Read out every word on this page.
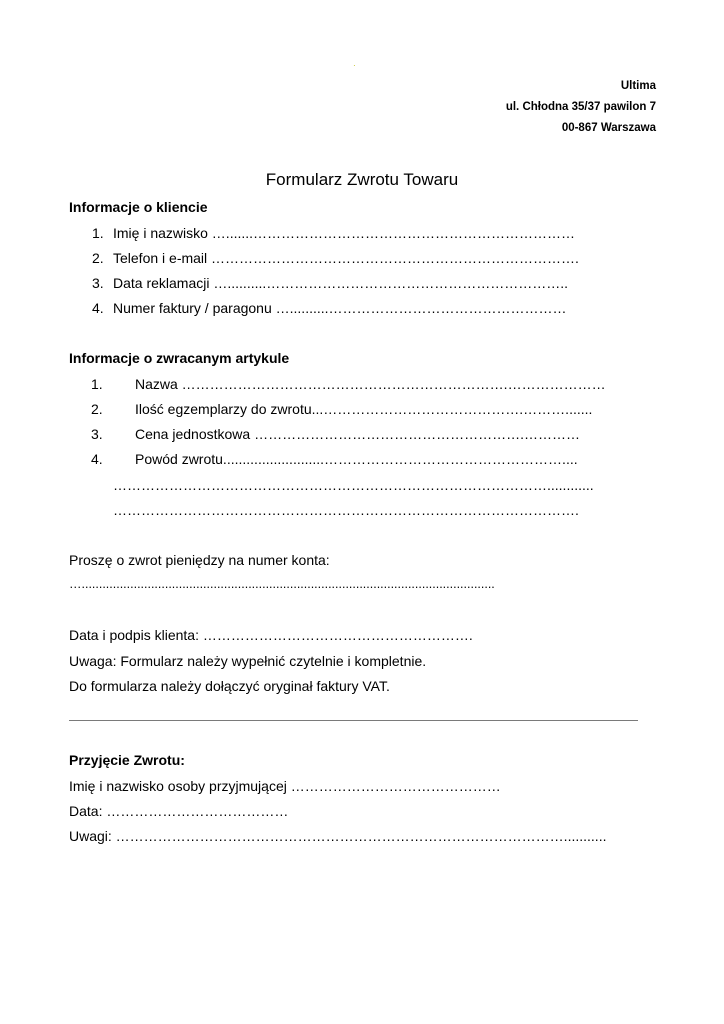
·
Ultima
ul. Chłodna 35/37 pawilon 7
00-867 Warszawa
Formularz Zwrotu Towaru
Informacje o kliencie
1. Imię i nazwisko ….......……………………………………………………………
2. Telefon i e-mail …………………………………………………………………….
3. Data reklamacji …..........………………………………………………………..
4. Numer faktury / paragonu …..........……………………………………………
Informacje o zwracanym artykule
1. Nazwa …………………………………………………………….…………………
2. Ilość egzemplarzy do zwrotu...…………………………………….……….......
3. Cena jednostkowa ………………………………………………….…………
4. Powód zwrotu..........................……………………………………………....
…………………………………………………………………………………............
……………………………………………………………………………………….
Proszę o zwrot pieniędzy na numer konta:
….......................................................................................................................
Data i podpis klienta: ………………………………………………….
Uwaga: Formularz należy wypełnić czytelnie i kompletnie.
Do formularza należy dołączyć oryginał faktury VAT.
Przyjęcie Zwrotu:
Imię i nazwisko osoby przyjmującej ………………………………………
Data: …………………………………
Uwagi: ……………………………………………………………………………………...........
